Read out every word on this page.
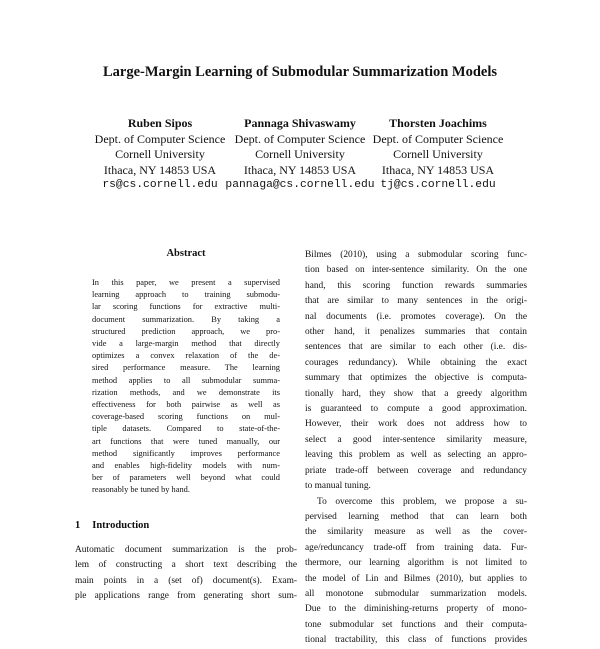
Large-Margin Learning of Submodular Summarization Models
Ruben Sipos
Dept. of Computer Science
Cornell University
Ithaca, NY 14853 USA
rs@cs.cornell.edu
Pannaga Shivaswamy
Dept. of Computer Science
Cornell University
Ithaca, NY 14853 USA
pannaga@cs.cornell.edu
Thorsten Joachims
Dept. of Computer Science
Cornell University
Ithaca, NY 14853 USA
tj@cs.cornell.edu
Abstract
In this paper, we present a supervised
learning approach to training submodu-
lar scoring functions for extractive multi-
document summarization. By taking a
structured prediction approach, we pro-
vide a large-margin method that directly
optimizes a convex relaxation of the de-
sired performance measure. The learning
method applies to all submodular summa-
rization methods, and we demonstrate its
effectiveness for both pairwise as well as
coverage-based scoring functions on mul-
tiple datasets. Compared to state-of-the-
art functions that were tuned manually, our
method significantly improves performance
and enables high-fidelity models with num-
ber of parameters well beyond what could
reasonably be tuned by hand.
1 Introduction
Automatic document summarization is the prob-
lem of constructing a short text describing the
main points in a (set of) document(s). Exam-
ple applications range from generating short sum-
Bilmes (2010), using a submodular scoring func-
tion based on inter-sentence similarity. On the one
hand, this scoring function rewards summaries
that are similar to many sentences in the origi-
nal documents (i.e. promotes coverage). On the
other hand, it penalizes summaries that contain
sentences that are similar to each other (i.e. dis-
courages redundancy). While obtaining the exact
summary that optimizes the objective is computa-
tionally hard, they show that a greedy algorithm
is guaranteed to compute a good approximation.
However, their work does not address how to
select a good inter-sentence similarity measure,
leaving this problem as well as selecting an appro-
priate trade-off between coverage and redundancy
to manual tuning.
To overcome this problem, we propose a su-
pervised learning method that can learn both
the similarity measure as well as the cover-
age/reduncancy trade-off from training data. Fur-
thermore, our learning algorithm is not limited to
the model of Lin and Bilmes (2010), but applies to
all monotone submodular summarization models.
Due to the diminishing-returns property of mono-
tone submodular set functions and their computa-
tional tractability, this class of functions provides
